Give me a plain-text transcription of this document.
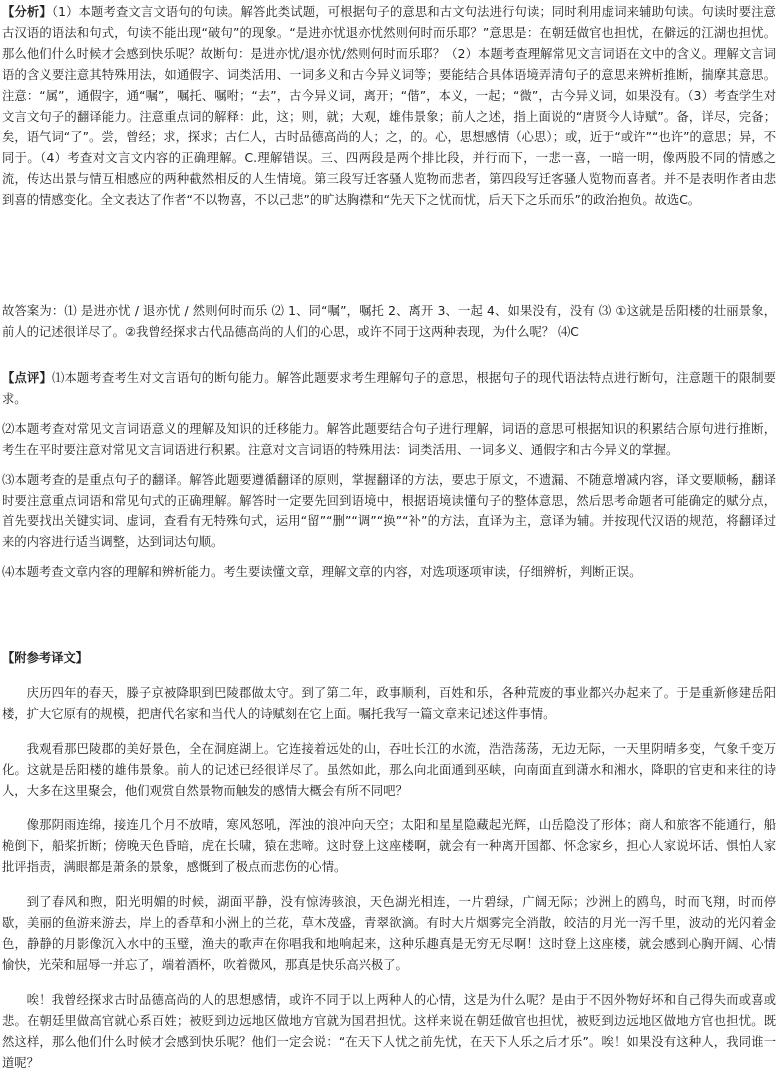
【分析】（1）本题考查文言文语句的句读。解答此类试题，可根据句子的意思和古文句法进行句读；同时利用虚词来辅助句读。句读时要注意古汉语的语法和句式，句读不能出现“破句”的现象。“是进亦忧退亦忧然则何时而乐耶？”意思是：在朝廷做官也担忧，在僻远的江湖也担忧。那么他们什么时候才会感到快乐呢？故断句：是进亦忧/退亦忧/然则何时而乐耶？（2）本题考查理解常见文言词语在文中的含义。理解文言词语的含义要注意其特殊用法，如通假字、词类活用、一词多义和古今异义词等；要能结合具体语境弄清句子的意思来辨析推断，揣摩其意思。注意：“属”，通假字，通“嘱”，嘱托、嘱咐；“去”，古今异义词，离开；“偕”，本义，一起；“微”，古今异义词，如果没有。（3）考查学生对文言文句子的翻译能力。注意重点词的解释：此，这；则，就；大观，雄伟景象；前人之述，指上面说的“唐贤今人诗赋”。备，详尽，完备；矣，语气词“了”。尝，曾经；求，探求；古仁人，古时品德高尚的人；之，的。心，思想感情（心思）；或，近于“或许”“也许”的意思；异，不同于。（4）考查对文言文内容的正确理解。C.理解错误。三、四两段是两个排比段，并行而下，一悲一喜，一暗一明，像两股不同的情感之流，传达出景与情互相感应的两种截然相反的人生情境。第三段写迁客骚人览物而悲者，第四段写迁客骚人览物而喜者。并不是表明作者由悲到喜的情感变化。全文表达了作者“不以物喜，不以己悲”的旷达胸襟和“先天下之忧而忧，后天下之乐而乐”的政治抱负。故选C。

故答案为：⑴ 是进亦忧 / 退亦忧 / 然则何时而乐 ⑵ 1、同“嘱”，嘱托 2、离开 3、一起 4、如果没有，没有 ⑶ ①这就是岳阳楼的壮丽景象，前人的记述很详尽了。②我曾经探求古代品德高尚的人们的心思，或许不同于这两种表现，为什么呢？ ⑷C

【点评】⑴本题考查考生对文言语句的断句能力。解答此题要求考生理解句子的意思，根据句子的现代语法特点进行断句，注意题干的限制要求。

⑵本题考查对常见文言词语意义的理解及知识的迁移能力。解答此题要结合句子进行理解，词语的意思可根据知识的积累结合原句进行推断，考生在平时要注意对常见文言词语进行积累。注意对文言词语的特殊用法：词类活用、一词多义、通假字和古今异义的掌握。

⑶本题考查的是重点句子的翻译。解答此题要遵循翻译的原则，掌握翻译的方法，要忠于原文，不遗漏、不随意增减内容，译文要顺畅，翻译时要注意重点词语和常见句式的正确理解。解答时一定要先回到语境中，根据语境读懂句子的整体意思，然后思考命题者可能确定的赋分点，首先要找出关键实词、虚词，查看有无特殊句式，运用“留”“删”“调”“换”“补”的方法，直译为主，意译为辅。并按现代汉语的规范，将翻译过来的内容进行适当调整，达到词达句顺。

⑷本题考查文章内容的理解和辨析能力。考生要读懂文章，理解文章的内容，对选项逐项审读，仔细辨析，判断正误。

【附参考译文】

庆历四年的春天，滕子京被降职到巴陵郡做太守。到了第二年，政事顺利，百姓和乐，各种荒废的事业都兴办起来了。于是重新修建岳阳楼，扩大它原有的规模，把唐代名家和当代人的诗赋刻在它上面。嘱托我写一篇文章来记述这件事情。

我观看那巴陵郡的美好景色，全在洞庭湖上。它连接着远处的山，吞吐长江的水流，浩浩荡荡，无边无际，一天里阴晴多变，气象千变万化。这就是岳阳楼的雄伟景象。前人的记述已经很详尽了。虽然如此，那么向北面通到巫峡，向南面直到潇水和湘水，降职的官吏和来往的诗人，大多在这里聚会，他们观赏自然景物而触发的感情大概会有所不同吧？

像那阴雨连绵，接连几个月不放晴，寒风怒吼，浑浊的浪冲向天空；太阳和星星隐藏起光辉，山岳隐没了形体；商人和旅客不能通行，船桅倒下，船桨折断；傍晚天色昏暗，虎在长啸，猿在悲啼。这时登上这座楼啊，就会有一种离开国都、怀念家乡，担心人家说坏话、惧怕人家批评指责，满眼都是萧条的景象，感慨到了极点而悲伤的心情。

到了春风和煦，阳光明媚的时候，湖面平静，没有惊涛骇浪，天色湖光相连，一片碧绿，广阔无际；沙洲上的鸥鸟，时而飞翔，时而停歇，美丽的鱼游来游去，岸上的香草和小洲上的兰花，草木茂盛，青翠欲滴。有时大片烟雾完全消散，皎洁的月光一泻千里，波动的光闪着金色，静静的月影像沉入水中的玉璧，渔夫的歌声在你唱我和地响起来，这种乐趣真是无穷无尽啊！这时登上这座楼，就会感到心胸开阔、心情愉快，光荣和屈辱一并忘了，端着酒杯，吹着微风，那真是快乐高兴极了。

唉！我曾经探求古时品德高尚的人的思想感情，或许不同于以上两种人的心情，这是为什么呢？是由于不因外物好坏和自己得失而或喜或悲。在朝廷里做高官就心系百姓；被贬到边远地区做地方官就为国君担忧。这样来说在朝廷做官也担忧，被贬到边远地区做地方官也担忧。既然这样，那么他们什么时候才会感到快乐呢？他们一定会说：“在天下人忧之前先忧，在天下人乐之后才乐”。唉！如果没有这种人，我同谁一道呢？
